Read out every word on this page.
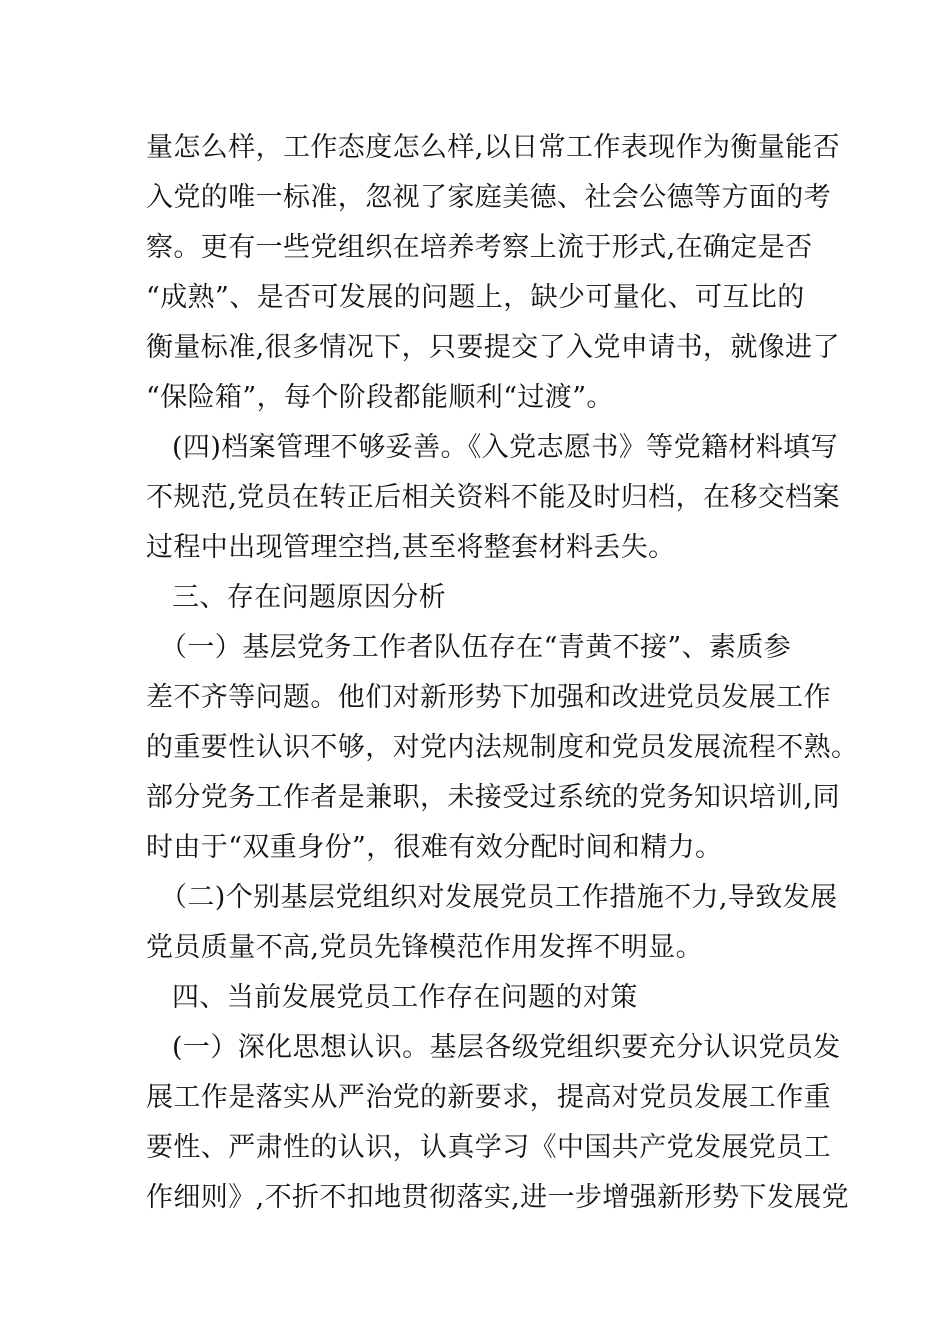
量怎么样，工作态度怎么样,以日常工作表现作为衡量能否
入党的唯一标准，忽视了家庭美德、社会公德等方面的考
察。更有一些党组织在培养考察上流于形式,在确定是否
“成熟”、是否可发展的问题上，缺少可量化、可互比的
衡量标准,很多情况下，只要提交了入党申请书，就像进了
“保险箱”，每个阶段都能顺利“过渡”。
(四)档案管理不够妥善。《入党志愿书》等党籍材料填写
不规范,党员在转正后相关资料不能及时归档，在移交档案
过程中出现管理空挡,甚至将整套材料丢失。
三、存在问题原因分析
（一）基层党务工作者队伍存在“青黄不接”、素质参
差不齐等问题。他们对新形势下加强和改进党员发展工作
的重要性认识不够，对党内法规制度和党员发展流程不熟。
部分党务工作者是兼职，未接受过系统的党务知识培训,同
时由于“双重身份”，很难有效分配时间和精力。
（二)个别基层党组织对发展党员工作措施不力,导致发展
党员质量不高,党员先锋模范作用发挥不明显。
四、当前发展党员工作存在问题的对策
(一）深化思想认识。基层各级党组织要充分认识党员发
展工作是落实从严治党的新要求，提高对党员发展工作重
要性、严肃性的认识，认真学习《中国共产党发展党员工
作细则》,不折不扣地贯彻落实,进一步增强新形势下发展党
